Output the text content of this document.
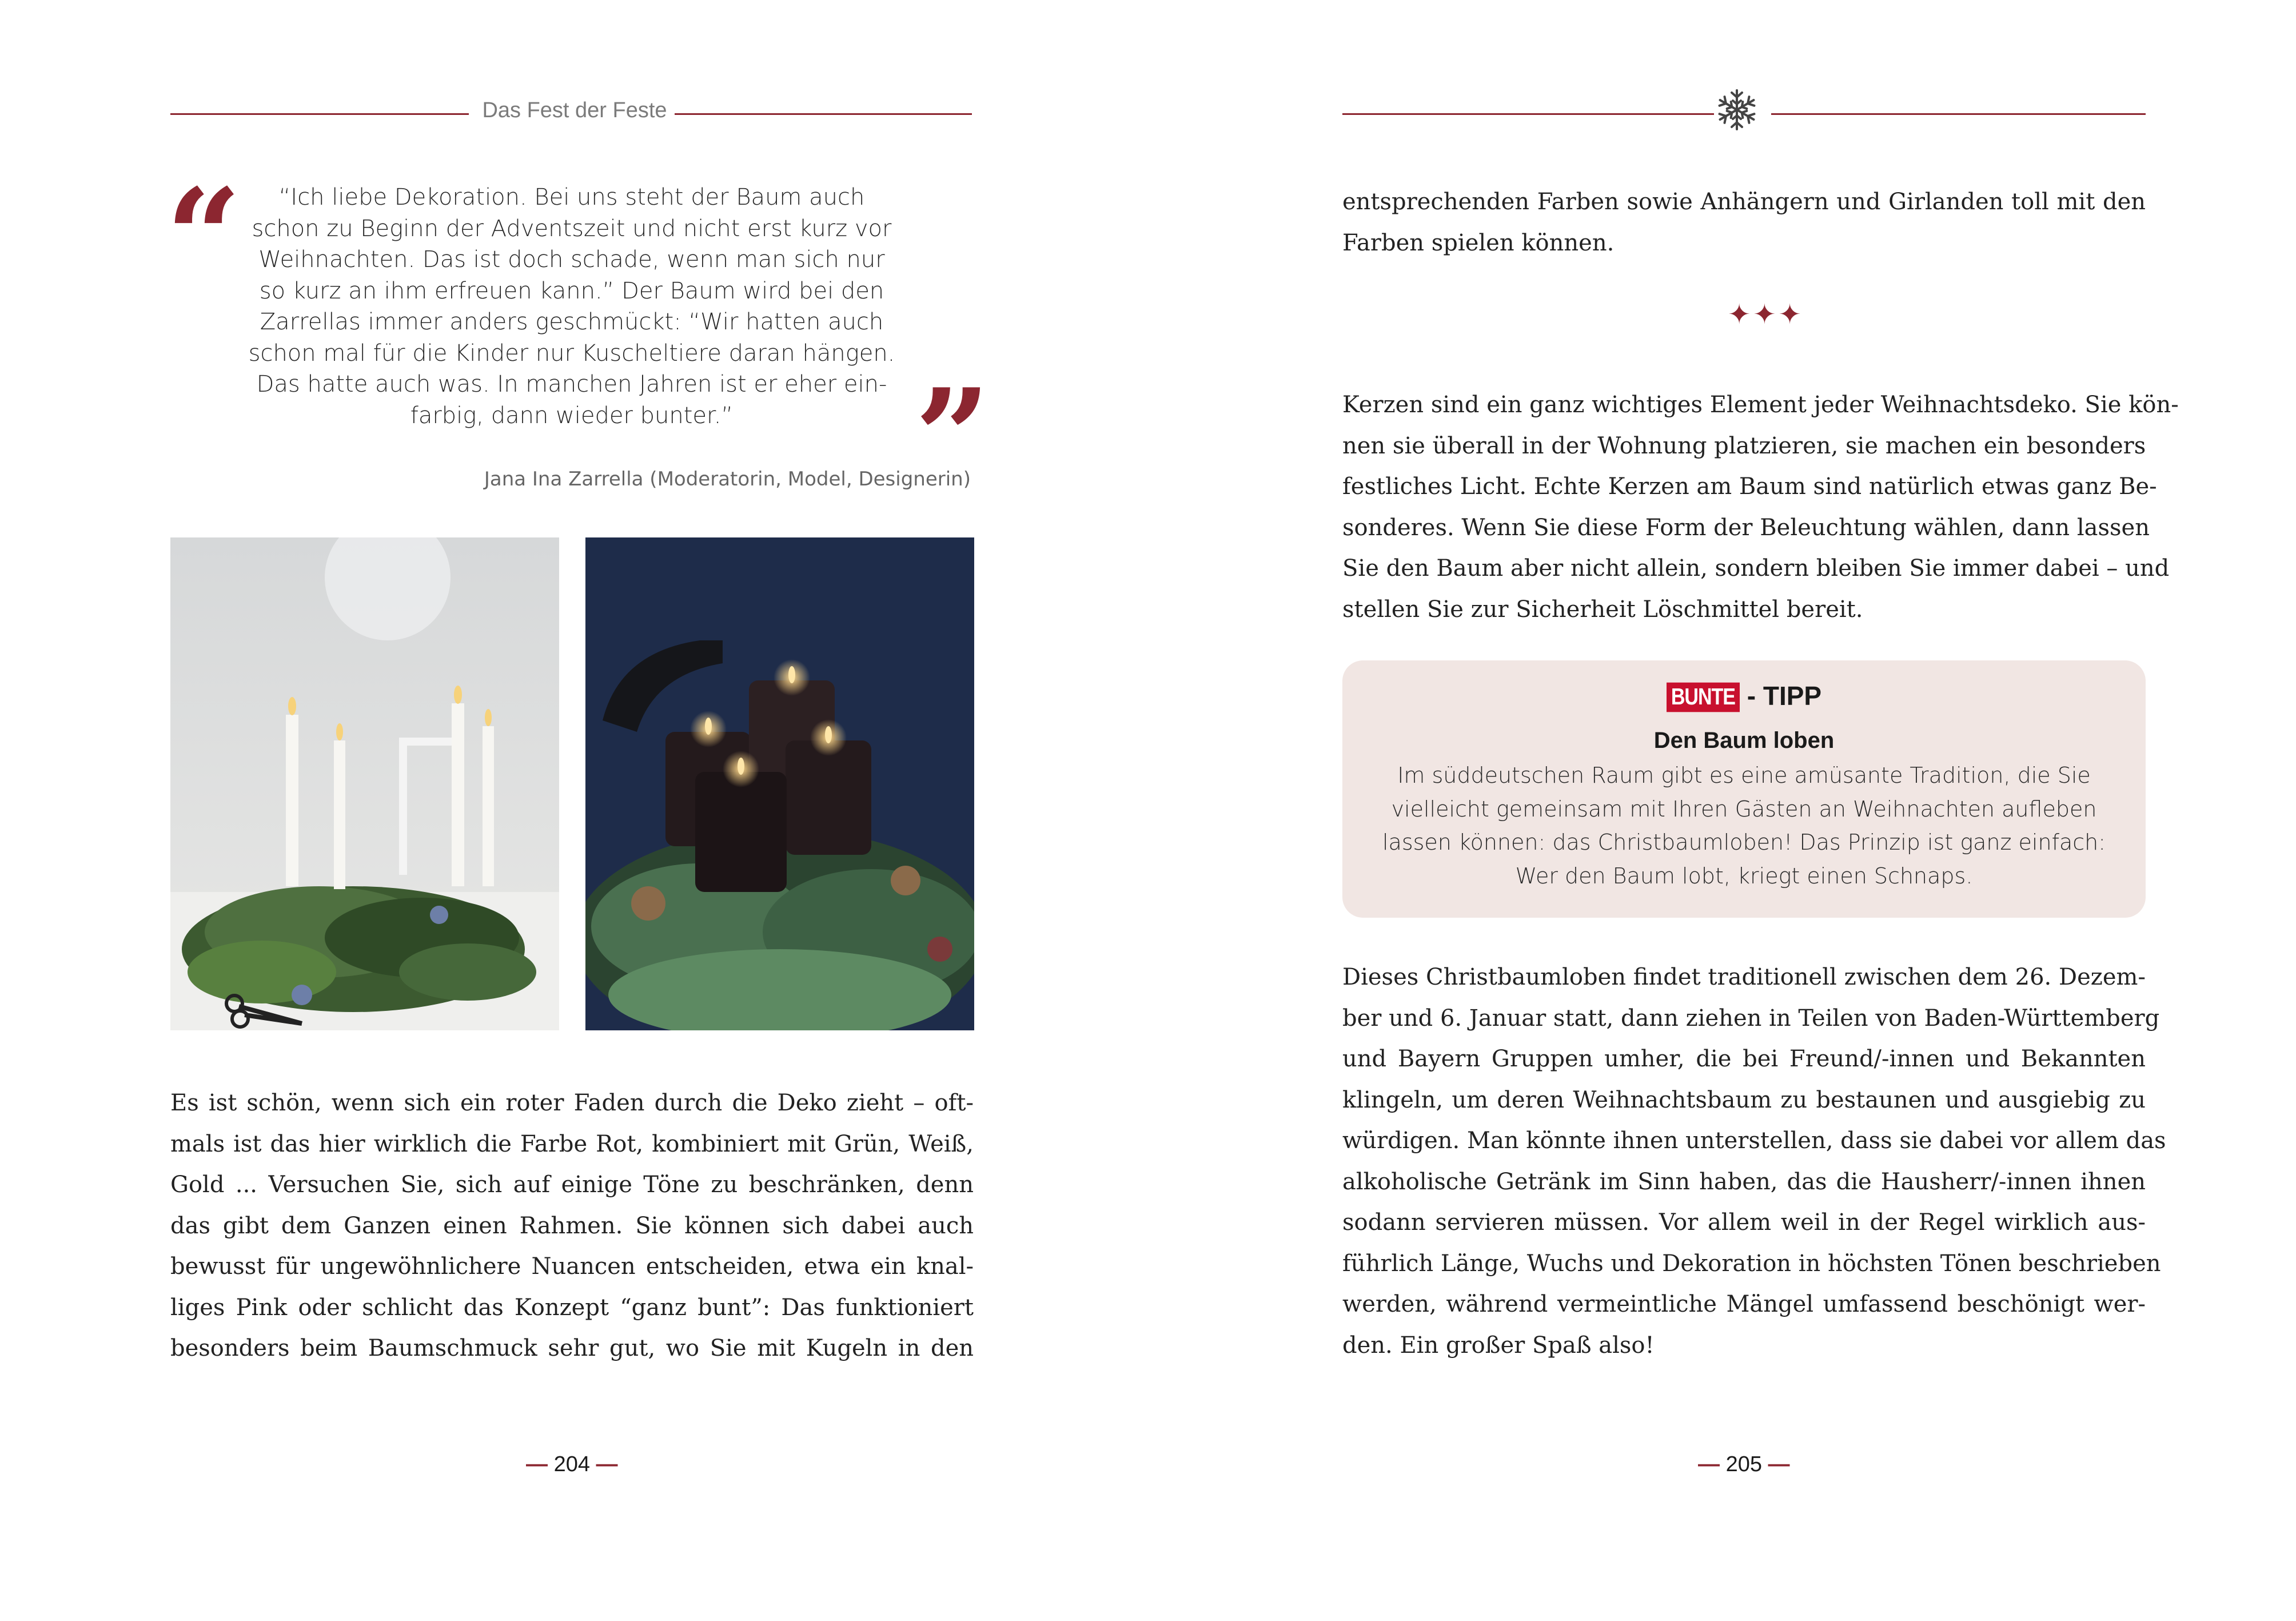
Das Fest der Feste
“	“Ich liebe Dekoration. Bei uns steht der Baum auch
schon zu Beginn der Adventszeit und nicht erst kurz vor
Weihnachten. Das ist doch schade, wenn man sich nur
so kurz an ihm erfreuen kann.” Der Baum wird bei den
Zarrellas immer anders geschmückt: “Wir hatten auch
schon mal für die Kinder nur Kuscheltiere daran hängen.
Das hatte auch was. In manchen Jahren ist er eher ein-
farbig, dann wieder bunter.”	”
Jana Ina Zarrella (Moderatorin, Model, Designerin)

Es ist schön, wenn sich ein roter Faden durch die Deko zieht – oft-
mals ist das hier wirklich die Farbe Rot, kombiniert mit Grün, Weiß,
Gold ... Versuchen Sie, sich auf einige Töne zu beschränken, denn
das gibt dem Ganzen einen Rahmen. Sie können sich dabei auch
bewusst für ungewöhnlichere Nuancen entscheiden, etwa ein knal-
liges Pink oder schlicht das Konzept “ganz bunt”: Das funktioniert
besonders beim Baumschmuck sehr gut, wo Sie mit Kugeln in den

— 204 —

entsprechenden Farben sowie Anhängern und Girlanden toll mit den
Farben spielen können.

✦✦✦

Kerzen sind ein ganz wichtiges Element jeder Weihnachtsdeko. Sie kön-
nen sie überall in der Wohnung platzieren, sie machen ein besonders
festliches Licht. Echte Kerzen am Baum sind natürlich etwas ganz Be-
sonderes. Wenn Sie diese Form der Beleuchtung wählen, dann lassen
Sie den Baum aber nicht allein, sondern bleiben Sie immer dabei – und
stellen Sie zur Sicherheit Löschmittel bereit.

BUNTE - TIPP
Den Baum loben

Im süddeutschen Raum gibt es eine amüsante Tradition, die Sie
vielleicht gemeinsam mit Ihren Gästen an Weihnachten aufleben
lassen können: das Christbaumloben! Das Prinzip ist ganz einfach:
Wer den Baum lobt, kriegt einen Schnaps.

Dieses Christbaumloben findet traditionell zwischen dem 26. Dezem-
ber und 6. Januar statt, dann ziehen in Teilen von Baden-Württemberg
und Bayern Gruppen umher, die bei Freund/-innen und Bekannten
klingeln, um deren Weihnachtsbaum zu bestaunen und ausgiebig zu
würdigen. Man könnte ihnen unterstellen, dass sie dabei vor allem das
alkoholische Getränk im Sinn haben, das die Hausherr/-innen ihnen
sodann servieren müssen. Vor allem weil in der Regel wirklich aus-
führlich Länge, Wuchs und Dekoration in höchsten Tönen beschrieben
werden, während vermeintliche Mängel umfassend beschönigt wer-
den. Ein großer Spaß also!

— 205 —
